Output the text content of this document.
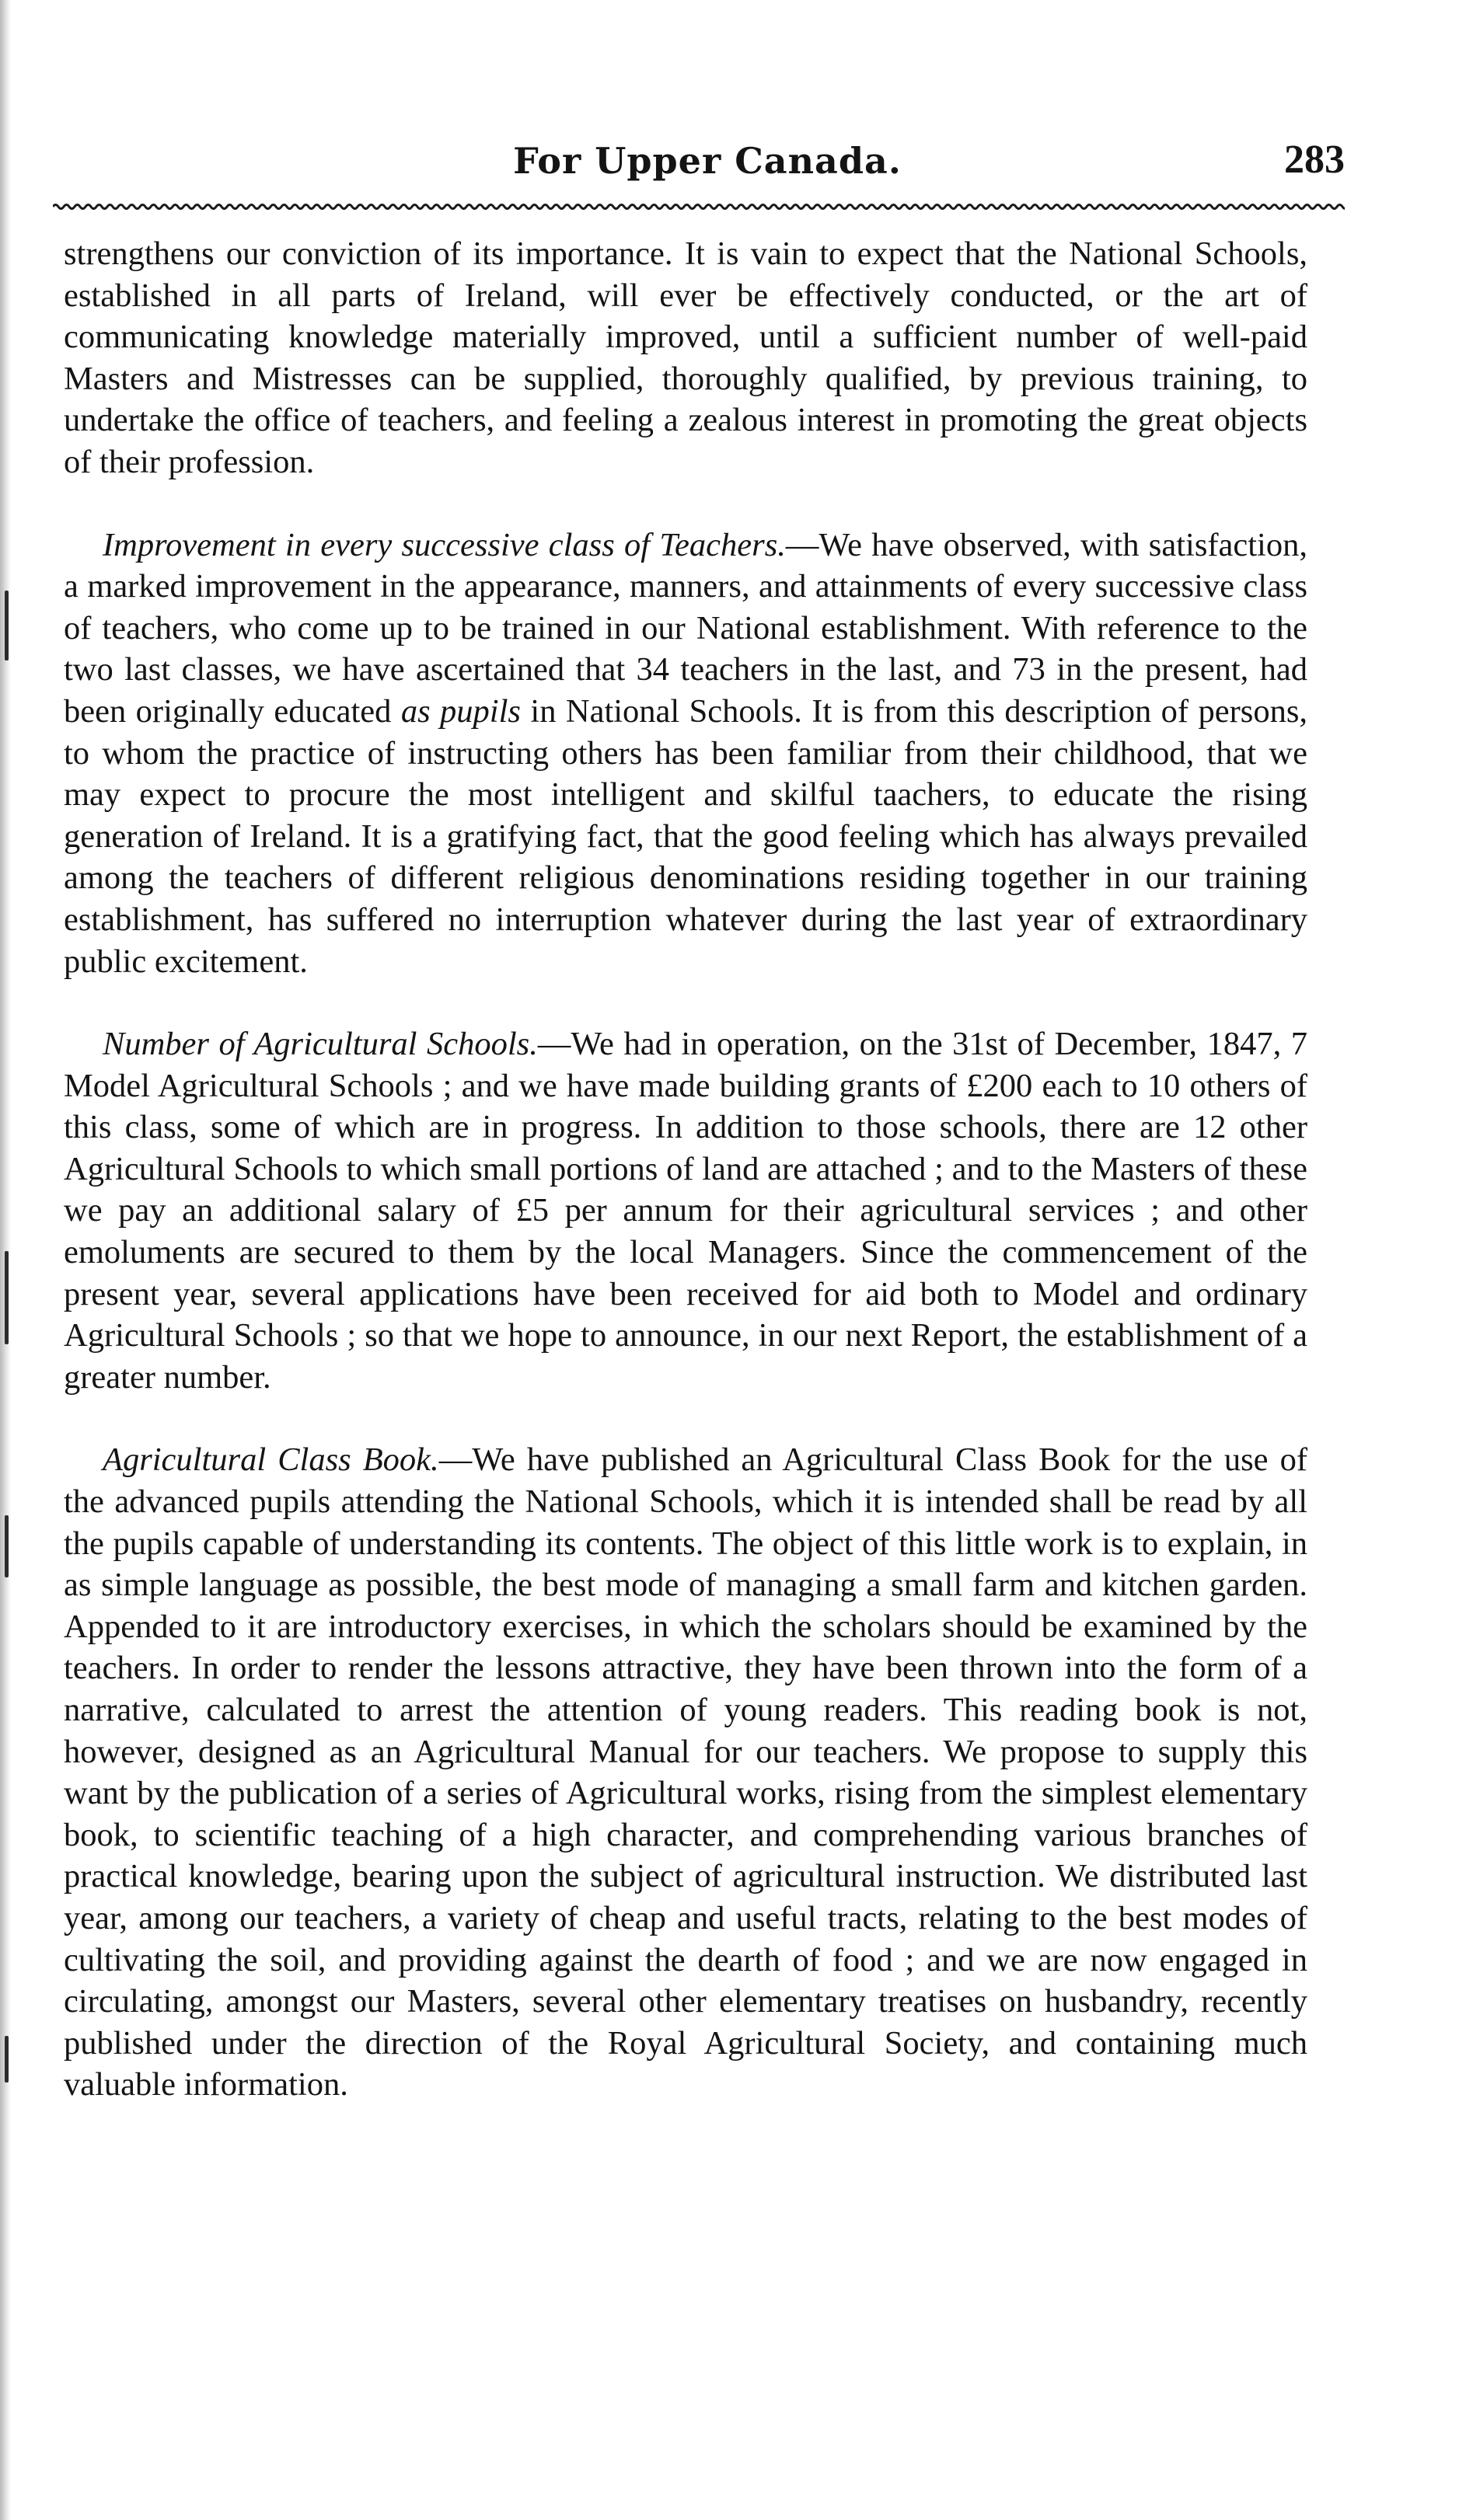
For Upper Canada.	283

strengthens our conviction of its importance. It is vain to expect that the National Schools, established in all parts of Ireland, will ever be effectively conducted, or the art of communicating knowledge materially improved, until a sufficient number of well-paid Masters and Mistresses can be supplied, thoroughly qualified, by previous training, to undertake the office of teachers, and feeling a zealous interest in promoting the great objects of their profession.

Improvement in every successive class of Teachers.—We have observed, with satisfaction, a marked improvement in the appearance, manners, and attainments of every successive class of teachers, who come up to be trained in our National establishment. With reference to the two last classes, we have ascertained that 34 teachers in the last, and 73 in the present, had been originally educated as pupils in National Schools. It is from this description of persons, to whom the practice of instructing others has been familiar from their childhood, that we may expect to procure the most intelligent and skilful taachers, to educate the rising generation of Ireland. It is a gratifying fact, that the good feeling which has always prevailed among the teachers of different religious denominations residing together in our training establishment, has suffered no interruption whatever during the last year of extraordinary public excitement.

Number of Agricultural Schools.—We had in operation, on the 31st of December, 1847, 7 Model Agricultural Schools ; and we have made building grants of £200 each to 10 others of this class, some of which are in progress. In addition to those schools, there are 12 other Agricultural Schools to which small portions of land are attached ; and to the Masters of these we pay an additional salary of £5 per annum for their agricultural services ; and other emoluments are secured to them by the local Managers. Since the commencement of the present year, several applications have been received for aid both to Model and ordinary Agricultural Schools ; so that we hope to announce, in our next Report, the establishment of a greater number.

Agricultural Class Book.—We have published an Agricultural Class Book for the use of the advanced pupils attending the National Schools, which it is intended shall be read by all the pupils capable of understanding its contents. The object of this little work is to explain, in as simple language as possible, the best mode of managing a small farm and kitchen garden. Appended to it are introductory exercises, in which the scholars should be examined by the teachers. In order to render the lessons attractive, they have been thrown into the form of a narrative, calculated to arrest the attention of young readers. This reading book is not, however, designed as an Agricultural Manual for our teachers. We propose to supply this want by the publication of a series of Agricultural works, rising from the simplest elementary book, to scientific teaching of a high character, and comprehending various branches of practical knowledge, bearing upon the subject of agricultural instruction. We distributed last year, among our teachers, a variety of cheap and useful tracts, relating to the best modes of cultivating the soil, and providing against the dearth of food ; and we are now engaged in circulating, amongst our Masters, several other elementary treatises on husbandry, recently published under the direction of the Royal Agricultural Society, and containing much valuable information.
